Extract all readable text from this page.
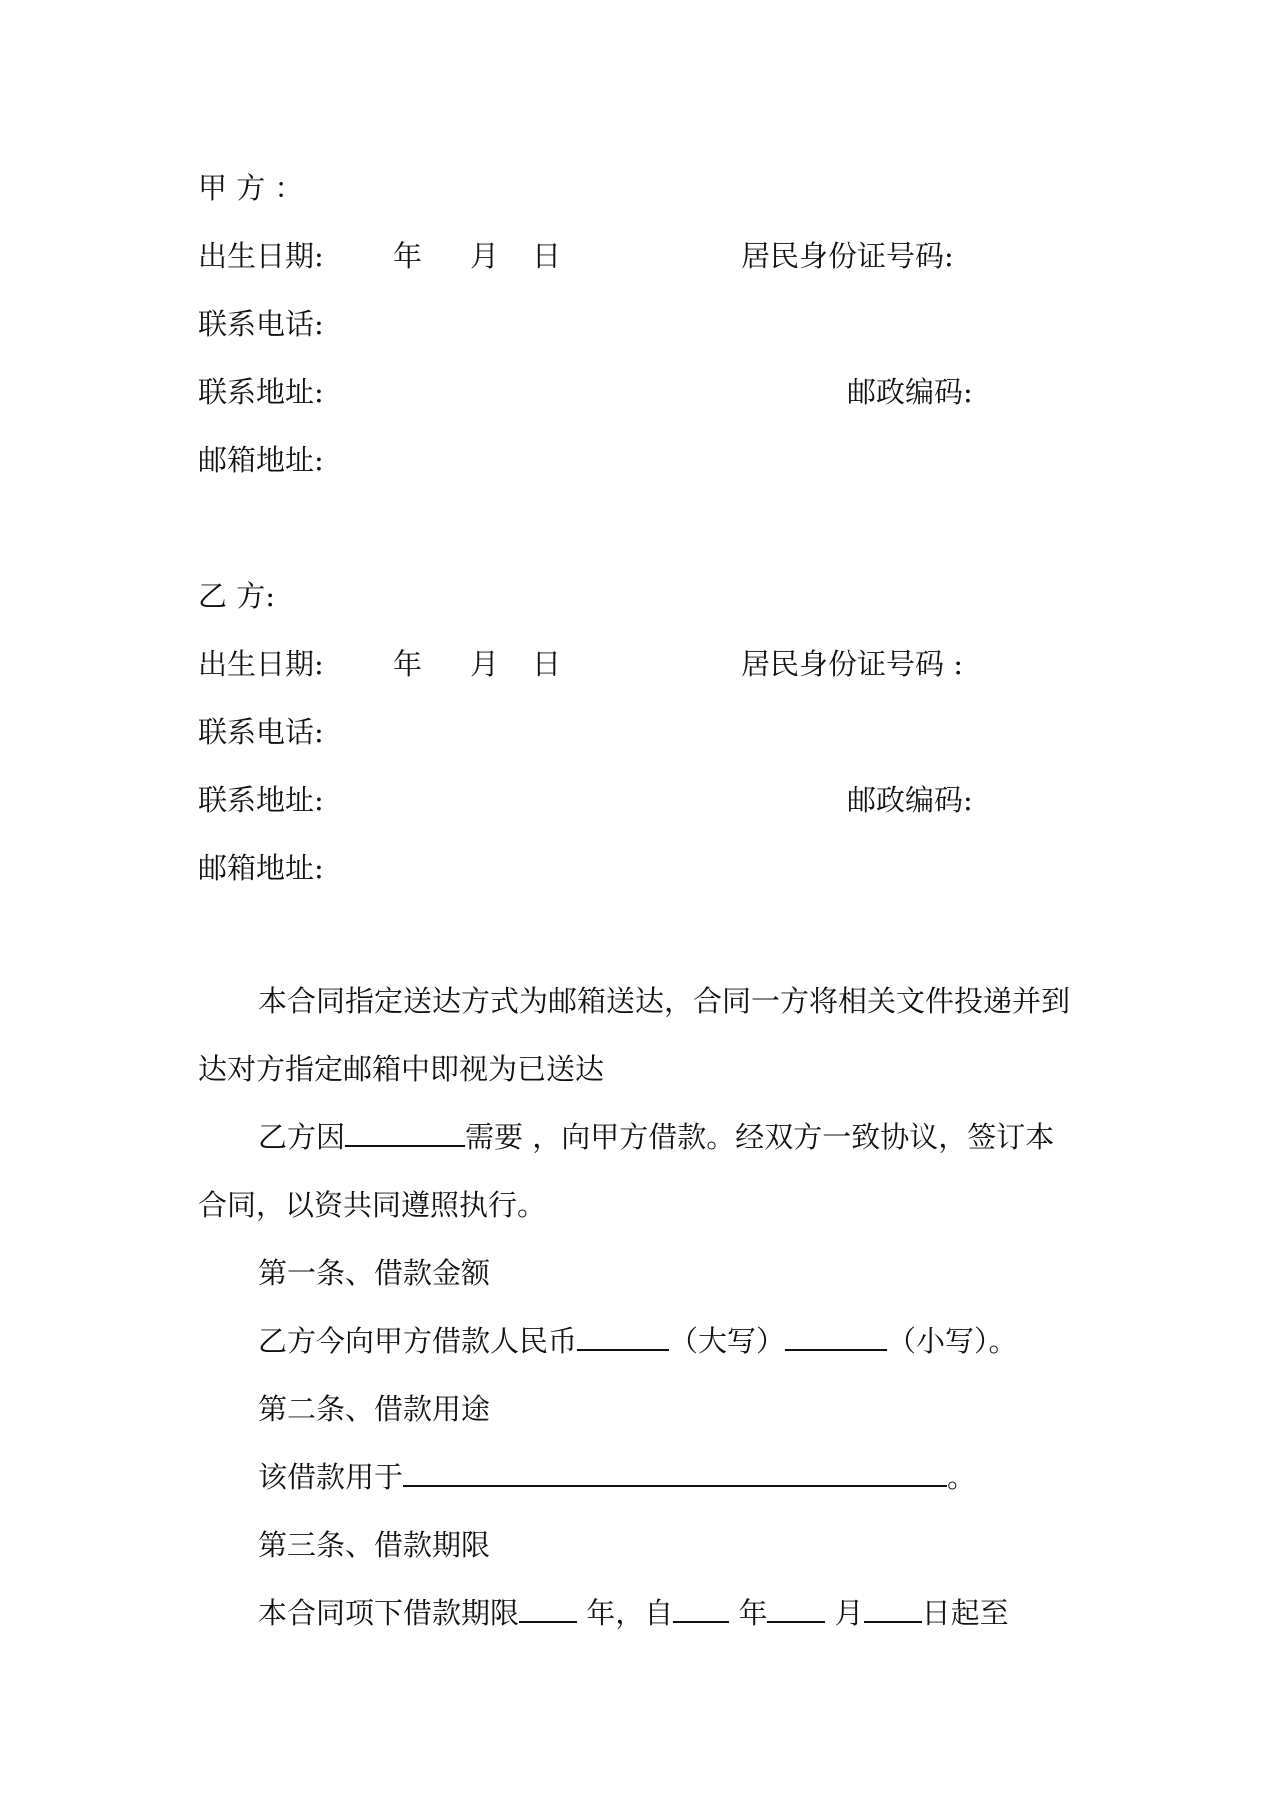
甲 方 ：
出生日期: 年 月 日	居民身份证号码:
联系电话:
联系地址:	邮政编码:
邮箱地址:
乙 方:
出生日期: 年 月 日	居民身份证号码 :
联系电话:
联系地址:	邮政编码:
邮箱地址:
本合同指定送达方式为邮箱送达，合同一方将相关文件投递并到
达对方指定邮箱中即视为已送达
乙方因	需要 ，向甲方借款。经双方一致协议，签订本
合同，以资共同遵照执行。
第一条、借款金额
乙方今向甲方借款人民币	（大写）	（小写）。
第二条、借款用途
该借款用于	。
第三条、借款期限
本合同项下借款期限 年，自 年 月 日起至
